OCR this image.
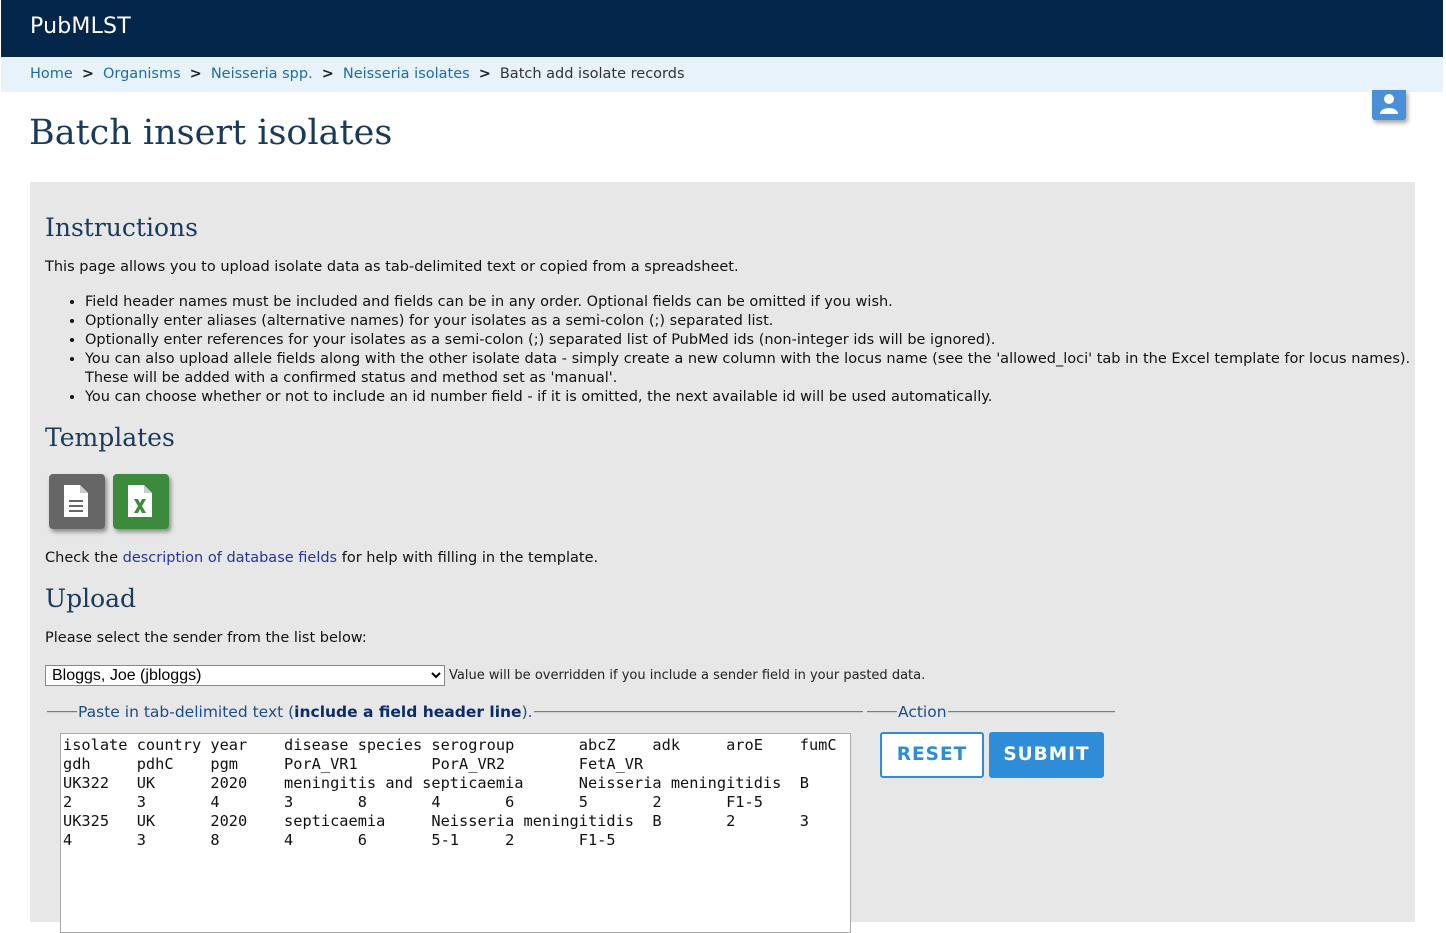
PubMLST
Home > Organisms > Neisseria spp. > Neisseria isolates > Batch add isolate records
Batch insert isolates
Instructions
This page allows you to upload isolate data as tab-delimited text or copied from a spreadsheet.
• Field header names must be included and fields can be in any order. Optional fields can be omitted if you wish.
• Optionally enter aliases (alternative names) for your isolates as a semi-colon (;) separated list.
• Optionally enter references for your isolates as a semi-colon (;) separated list of PubMed ids (non-integer ids will be ignored).
• You can also upload allele fields along with the other isolate data - simply create a new column with the locus name (see the 'allowed_loci' tab in the Excel template for locus names). These will be added with a confirmed status and method set as 'manual'.
• You can choose whether or not to include an id number field - if it is omitted, the next available id will be used automatically.
Templates
Check the description of database fields for help with filling in the template.
Upload
Please select the sender from the list below:
Bloggs, Joe (jbloggs)
Value will be overridden if you include a sender field in your pasted data.
Paste in tab-delimited text (include a field header line).	Action
isolate country year disease species serogroup abcZ adk aroE fumC gdh pdhC pgm PorA_VR1 PorA_VR2 FetA_VR UK322 UK 2020 meningitis and septicaemia Neisseria meningitidis B 2 3 4 3 8 4 6 5 2 F1-5 UK325 UK 2020 septicaemia Neisseria meningitidis B 2 3 4 3 8 4 6 5-1 2 F1-5
RESET	SUBMIT
